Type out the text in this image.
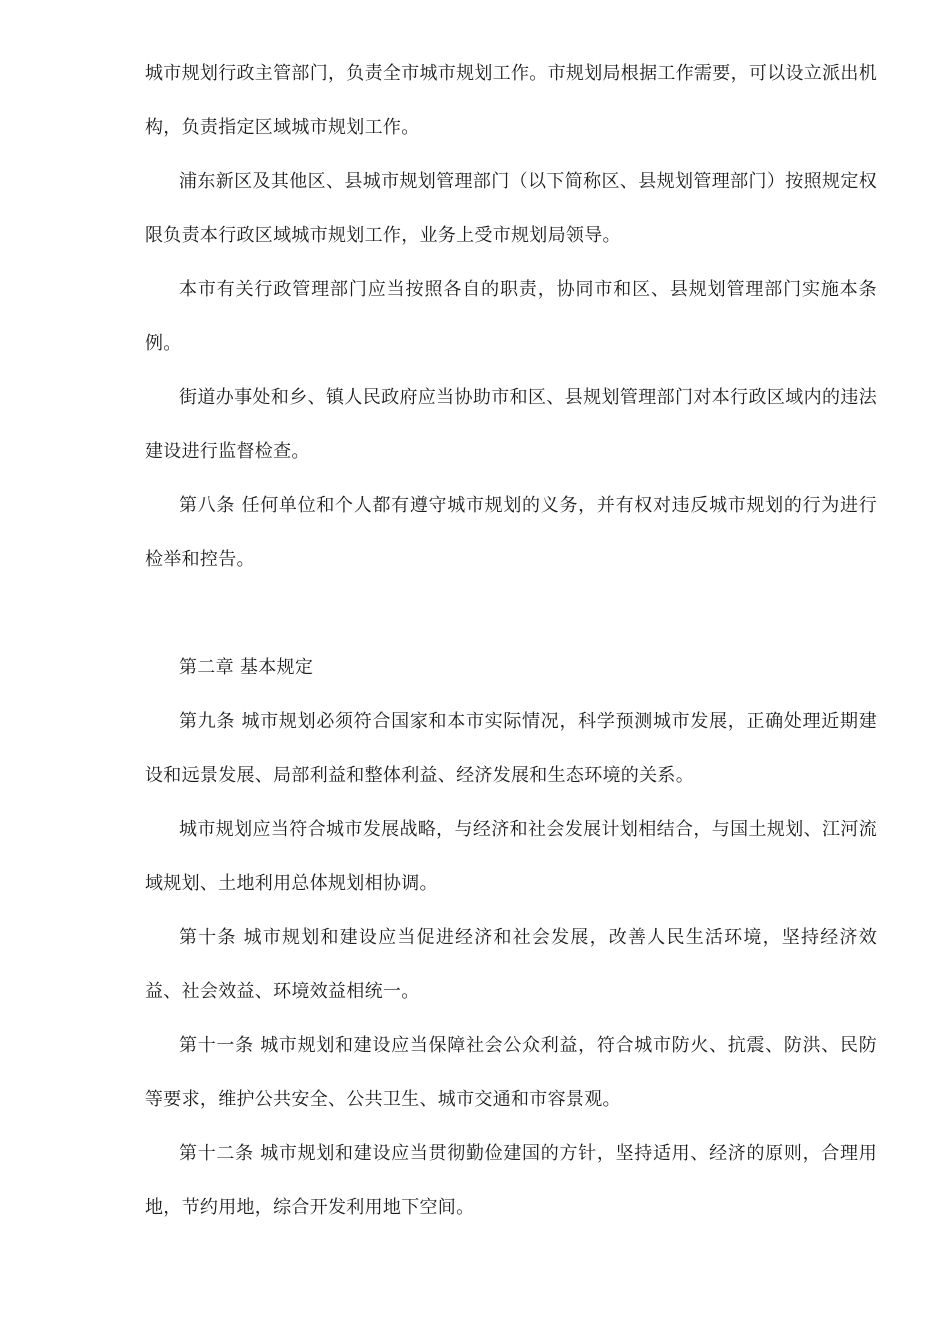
城市规划行政主管部门，负责全市城市规划工作。市规划局根据工作需要，可以设立派出机构，负责指定区域城市规划工作。

浦东新区及其他区、县城市规划管理部门（以下简称区、县规划管理部门）按照规定权限负责本行政区域城市规划工作，业务上受市规划局领导。

本市有关行政管理部门应当按照各自的职责，协同市和区、县规划管理部门实施本条例。

街道办事处和乡、镇人民政府应当协助市和区、县规划管理部门对本行政区域内的违法建设进行监督检查。

第八条 任何单位和个人都有遵守城市规划的义务，并有权对违反城市规划的行为进行检举和控告。

第二章 基本规定

第九条 城市规划必须符合国家和本市实际情况，科学预测城市发展，正确处理近期建设和远景发展、局部利益和整体利益、经济发展和生态环境的关系。

城市规划应当符合城市发展战略，与经济和社会发展计划相结合，与国土规划、江河流域规划、土地利用总体规划相协调。

第十条 城市规划和建设应当促进经济和社会发展，改善人民生活环境，坚持经济效益、社会效益、环境效益相统一。

第十一条 城市规划和建设应当保障社会公众利益，符合城市防火、抗震、防洪、民防等要求，维护公共安全、公共卫生、城市交通和市容景观。

第十二条 城市规划和建设应当贯彻勤俭建国的方针，坚持适用、经济的原则，合理用地，节约用地，综合开发利用地下空间。
